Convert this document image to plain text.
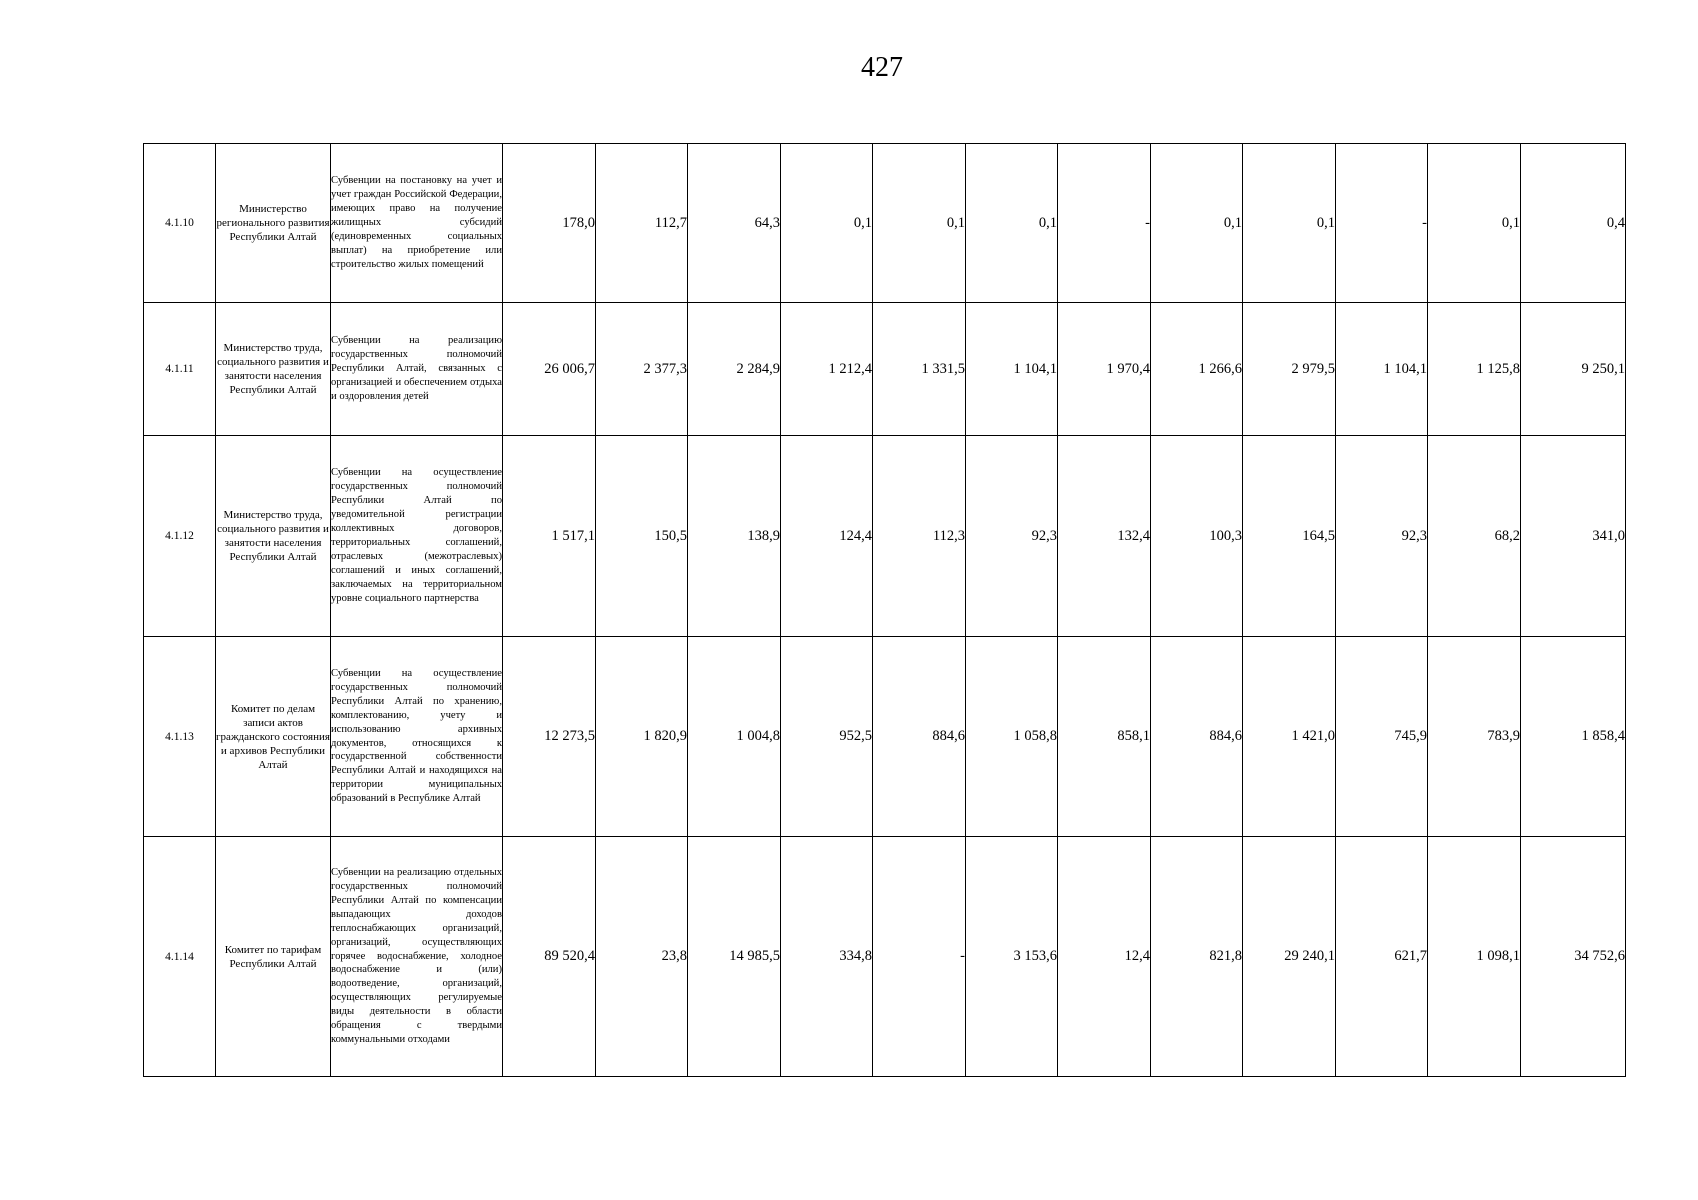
427
4.1.10	Министерство регионального развития Республики Алтай	Субвенции на постановку на учет и учет граждан Российской Федерации, имеющих право на получение жилищных субсидий (единовременных социальных выплат) на приобретение или строительство жилых помещений	178,0	112,7	64,3	0,1	0,1	0,1	-	0,1	0,1	-	0,1	0,4

4.1.11	Министерство труда, социального развития и занятости населения Республики Алтай	Субвенции на реализацию государственных полномочий Республики Алтай, связанных с организацией и обеспечением отдыха и оздоровления детей	26 006,7	2 377,3	2 284,9	1 212,4	1 331,5	1 104,1	1 970,4	1 266,6	2 979,5	1 104,1	1 125,8	9 250,1

4.1.12	Министерство труда, социального развития и занятости населения Республики Алтай	Субвенции на осуществление государственных полномочий Республики Алтай по уведомительной регистрации коллективных договоров, территориальных соглашений, отраслевых (межотраслевых) соглашений и иных соглашений, заключаемых на территориальном уровне социального партнерства	1 517,1	150,5	138,9	124,4	112,3	92,3	132,4	100,3	164,5	92,3	68,2	341,0

4.1.13	Комитет по делам записи актов гражданского состояния и архивов Республики Алтай	Субвенции на осуществление государственных полномочий Республики Алтай по хранению, комплектованию, учету и использованию архивных документов, относящихся к государственной собственности Республики Алтай и находящихся на территории муниципальных образований в Республике Алтай	12 273,5	1 820,9	1 004,8	952,5	884,6	1 058,8	858,1	884,6	1 421,0	745,9	783,9	1 858,4

4.1.14	Комитет по тарифам Республики Алтай	Субвенции на реализацию отдельных государственных полномочий Республики Алтай по компенсации выпадающих доходов теплоснабжающих организаций, организаций, осуществляющих горячее водоснабжение, холодное водоснабжение и (или) водоотведение, организаций, осуществляющих регулируемые виды деятельности в области обращения с твердыми коммунальными отходами	89 520,4	23,8	14 985,5	334,8	-	3 153,6	12,4	821,8	29 240,1	621,7	1 098,1	34 752,6
